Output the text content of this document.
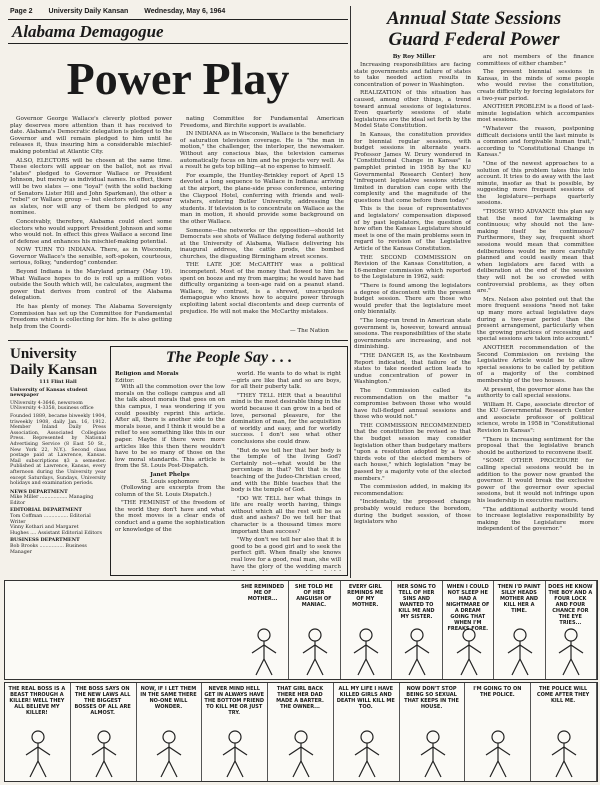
Page 2 University Daily Kansan Wednesday, May 6, 1964
Alabama Demagogue
Power Play

Governor George Wallace's cleverly plotted power play deserves more attention than it has received to date. Alabama's Democratic delegation is pledged to the Governor and will remain pledged to him until he releases it, thus insuring him a considerable mischief-making potential at Atlantic City.

ALSO, ELECTORS will be chosen at the same time. These electors will appear on the ballot, not as rival "slates" pledged to Governor Wallace or President Johnson, but merely as individual names. In effect, there will be two slates — one "loyal" (with the solid backing of Senators Lister Hill and John Sparkman), the other a "rebel" or Wallace group — but electors will not appear as slates, nor will any of them be pledged to any nominee.

Conceivably, therefore, Alabama could elect some electors who would support President Johnson and some who would not. In effect this gives Wallace a second line of defense and enhances his mischief-making potential.

NOW TURN TO INDIANA. There, as in Wisconsin, Governor Wallace's the sensible, soft-spoken, courteous, serious, folksy, "underdog" contender.

Beyond Indiana is the Maryland primary (May 19). What Wallace hopes to do is roll up a million votes outside the South which will, he calculates, augment the power that derives from control of the Alabama delegation.

He has plenty of money. The Alabama Sovereignty Commission has set up the Committee for Fundamental Freedoms which is collecting for him. He is also getting help from the Coordi-

nating Committee for Fundamental American Freedoms, and Birchite support is available.

IN INDIANA as in Wisconsin, Wallace is the beneficiary of saturation television coverage. He is "the man in motion," the challenger, the interloper, the newsmaker. Without any conscious bias, the television cameras automatically focus on him and he projects very well. As a result he gets top billing—at no expense to himself.

For example, the Huntley-Brinkley report of April 15 devoted a long sequence to Wallace in Indiana: arriving at the airport, the plane-side press conference, entering the Claypool Hotel, conferring with friends and well-wishers, entering Butler University, addressing the students. If television is to concentrate on Wallace as the man in motion, it should provide some background on the other Wallace.

Someone—the networks or the opposition—should let Democrats see shots of Wallace defying federal authority at the University of Alabama, Wallace delivering his inaugural address, the cattle prods, the bombed churches, the disgusting Birmingham street scenes.

THE LATE JOE McCARTHY was a political incompetent. Most of the money that flowed to him he spent on booze and my from margins; he would have had difficulty organizing a teen-age raid on a peanut stand. Wallace, by contrast, is a shrewd, unscrupulous demagogue who knows how to acquire power through exploiting latent social discontents and deep currents of prejudice. He will not make the McCarthy mistakes.

— The Nation
Annual State Sessions
Guard Federal Power
By Roy Miller

Increasing responsibilities are facing state governments and failure of states to take needed action results in concentration of power in Washington.

REALIZATION of this situation has caused, among other things, a trend toward annual sessions of legislatures. Even quarterly sessions of state legislatures are the ideal set forth by the Model State Constitution.

In Kansas, the constitution provides for biennial regular sessions, with budget sessions in alternate years. Professor James W. Drury wondered in "Constitutional Change in Kansas" (a pamphlet printed in 1958 by the KU Governmental Research Center) how "infrequent legislative sessions strictly limited in duration can cope with the complexity and the magnitude of the questions that come before them today."

This is the issue of representatives and legislators' compensation disposed of by past legislators, the question of how often the Kansas Legislature should meet is one of the main problems seen in regard to revision of the Legislative Article of the Kansas Constitution.

THE SECOND COMMISSION on Revision of the Kansas Constitution, a 16-member commission which reported to the Legislature in 1962, said:

"There is found among the legislators a degree of discontent with the present budget session. There are those who would prefer that the legislature meet only biennially.

"The long-run trend in American state government is, however, toward annual sessions. The responsibilities of the state governments are increasing, and not diminishing.

"THE DANGER IS, as the Kestnbaum Report indicated, that failure of the states to take needed action leads to undue concentration of power in Washington."

The Commission called its recommendation on the matter "a compromise between those who would have full-fledged annual sessions and those who would not."

THE COMMISSION RECOMMENDED that the constitution be revised so that the budget session may consider legislation other than budgetary matters "upon a resolution adopted by a two-thirds vote of the elected members of each house," which legislation "may be passed by a majority vote of the elected members."

The commission added, in making its recommendation:

"Incidentally, the proposed change probably would reduce the boredom, during the budget session, of those legislators who

are not members of the finance committees of either chamber."

The present biennial sessions in Kansas, in the minds of some people who would revise the constitution, create difficulty by forcing legislators for a two-year period.

ANOTHER PROBLEM is a flood of last-minute legislation which accompanies most sessions.

"Whatever the reason, postponing difficult decisions until the last minute is a common and forgivable human trait," according to "Constitutional Change in Kansas."

"One of the newest approaches to a solution of this problem takes this into account. It tries to do away with the last minute, insofar as that is possible, by suggesting more frequent sessions of the legislature—perhaps quarterly sessions.

"THOSE WHO ADVANCE this plan say that the need for lawmaking is continuous; why should not the law-making itself be continuous? Furthermore, they say, frequent short sessions would mean that committee deliberations would be more carefully planned and could easily mean that when legislators are faced with a deliberation at the end of the session they will not be so crowded with controversial problems, as they often are."

Mrs. Nelson also pointed out that the more frequent sessions "need not take up many more actual legislative days during a two-year period than the present arrangement, particularly when the growing practices of recessing and special sessions are taken into account."

ANOTHER recommendation of the Second Commission on revising the Legislative Article would be to allow special sessions to be called by petition of a majority of the combined membership of the two houses.

At present, the governor alone has the authority to call special sessions.

William H. Cape, associate director of the KU Governmental Research Center and associate professor of political science, wrote in 1958 in "Constitutional Revision in Kansas":

"There is increasing sentiment for the proposal that the legislative branch should be authorized to reconvene itself.

"SOME OTHER PROCEDURE for calling special sessions would be in addition to the power now granted the governor. It would break the exclusive power of the governor over special sessions, but it would not infringe upon his leadership in executive matters.

"The additional authority would tend to increase legislative responsibility by making the Legislature more independent of the governor."

University Daily Kansan
111 Flint Hall
University of Kansas student newspaper
UNiversity 4-3646, newsroom UNiversity 4-3358, business office
Founded 1889, became biweekly 1904, triweekly 1908, daily Jan. 16, 1912. Member Inland Daily Press Association, Associated Collegiate Press. Represented by National Advertising Service (8 East 50 St., New York 22, N.Y.). Second class postage paid at Lawrence, Kansas. Mail subscriptions $3 a semester. Published at Lawrence, Kansas, every afternoon during the University year except Saturdays, Sundays, University holidays and examination periods.
NEWS DEPARTMENT
Mike Miller .................. Managing Editor
EDITORIAL DEPARTMENT
Tom Coffman ................ Editorial Writer
Vinny Kothari and Margaret
Hughes .... Assistant Editorial Editors
BUSINESS DEPARTMENT
Bob Brooks ................ Business Manager
The People Say . . .
Religion and Morals
Editor:

With all the commotion over the low morals on the college campus and all the talk about morals that goes on on this campus, I was wondering if you could possibly reprint this article. After all, there is another side to the morals issue, and I think it would be a relief to see something like this in our paper. Maybe if there were more articles like this then there wouldn't have to be so many of those on the low moral standards. This article is from the St. Louis Post-Dispatch.

Janet Phelps
St. Louis sophomore

(Following are excerpts from the column of the St. Louis Dispatch.)

"THE FEMINIST of the freedom of the world they don't have and what the most moves is a clear ends of conduct and a game the sophistication or knowledge of the

world. He wants to do what is right—girls are like that and so are boys, for all their puberty talk.

"THEY TELL HER that a beautiful mind is the most desirable thing in the world because it can grow in a bed of love, personal pleasure, for the domination of man, for the acquisition of worldly and easy, and for worldly success. I don't see what other conclusions she could draw.

"But do we tell her that her body is the temple of the living God? Certainly not—what would be the percentage in that? Yet that is the teaching of the Judeo-Christian creed, and with the Bible teaches that the body is the temple of God.

"DO WE TELL her what things in life are really worth having, things without which all the rest will be as dust and ashes? Do we tell her that character is a thousand times more important than success?

"Why don't we tell her also that it is good to be a good girl and to seek the perfect gift. When finally she knows real love for a good, real man, she will have the glory of the wedding march

SHE REMINDED ME OF MOTHER...
SHE TOLD ME OF HER ANGUISH OF MANIAC.
EVERY GIRL REMINDS ME OF MY MOTHER.
HER SONG TO TELL OF HER SINS AND WANTED TO KILL ME AND MY SISTER.
WHEN I COULD NOT SLEEP HE HAD A NIGHTMARE OF A DREAM GOING THAT WHEN I'M FREAKS FORE.
THEN I'D PAINT SILLY HEADS MOTHER AND KILL HER A TIME.
DOES HE KNOW THE BOY AND A FOUR LOCK AND FOUR CHANCE FOR THE EYE TRIES...
THE REAL BOSS IS A BEAST THROUGH A KILLER! WELL THEY ALL BELIEVE MY KILLER!
THE BOSS SAYS ON THE NEW LAWS ALL THE BIGGEST BOSSES OF ALL ARE ALMOST.
NOW, IF I LET THEM IN THE SAME THERE NO-ONE WILL WONDER.
NEVER MIND HELL GET IN ALWAYS HAVE THE BOTTOM FRIEND TO KILL ME OR JUST TRY.
THAT GIRL BACK THERE HER DAD MADE A BARTER. THE OWNER...
ALL MY LIFE I HAVE KILLED GIRLS AND DEATH WILL KILL ME TOO.
NOW DON'T STOP BEING SO SEXUAL THAT KEEPS IN THE HOUSE.
I'M GOING TO ON THE POLICE.
THE POLICE WILL COME AFTER THEY KILL ME.
